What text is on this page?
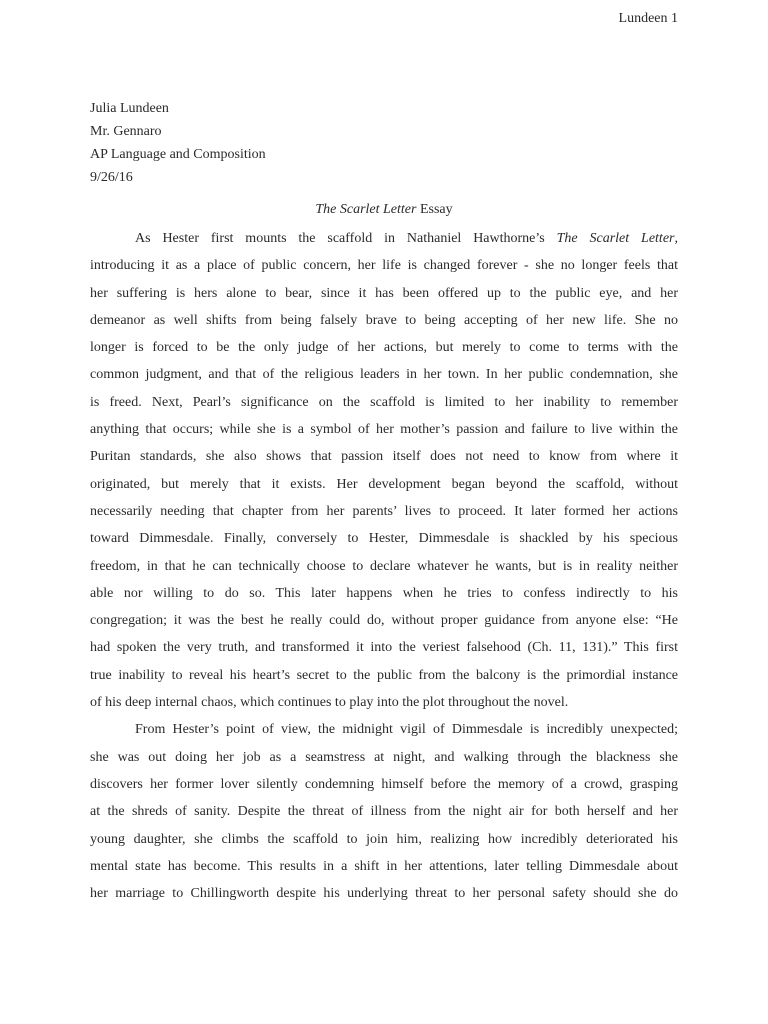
Lundeen 1
Julia Lundeen
Mr. Gennaro
AP Language and Composition
9/26/16
The Scarlet Letter Essay
As Hester first mounts the scaffold in Nathaniel Hawthorne’s The Scarlet Letter,
introducing it as a place of public concern, her life is changed forever - she no longer feels that
her suffering is hers alone to bear, since it has been offered up to the public eye, and her
demeanor as well shifts from being falsely brave to being accepting of her new life. She no
longer is forced to be the only judge of her actions, but merely to come to terms with the
common judgment, and that of the religious leaders in her town. In her public condemnation, she
is freed. Next, Pearl’s significance on the scaffold is limited to her inability to remember
anything that occurs; while she is a symbol of her mother’s passion and failure to live within the
Puritan standards, she also shows that passion itself does not need to know from where it
originated, but merely that it exists. Her development began beyond the scaffold, without
necessarily needing that chapter from her parents’ lives to proceed. It later formed her actions
toward Dimmesdale. Finally, conversely to Hester, Dimmesdale is shackled by his specious
freedom, in that he can technically choose to declare whatever he wants, but is in reality neither
able nor willing to do so. This later happens when he tries to confess indirectly to his
congregation; it was the best he really could do, without proper guidance from anyone else: “He
had spoken the very truth, and transformed it into the veriest falsehood (Ch. 11, 131).” This first
true inability to reveal his heart’s secret to the public from the balcony is the primordial instance
of his deep internal chaos, which continues to play into the plot throughout the novel.
From Hester’s point of view, the midnight vigil of Dimmesdale is incredibly unexpected;
she was out doing her job as a seamstress at night, and walking through the blackness she
discovers her former lover silently condemning himself before the memory of a crowd, grasping
at the shreds of sanity. Despite the threat of illness from the night air for both herself and her
young daughter, she climbs the scaffold to join him, realizing how incredibly deteriorated his
mental state has become. This results in a shift in her attentions, later telling Dimmesdale about
her marriage to Chillingworth despite his underlying threat to her personal safety should she do
